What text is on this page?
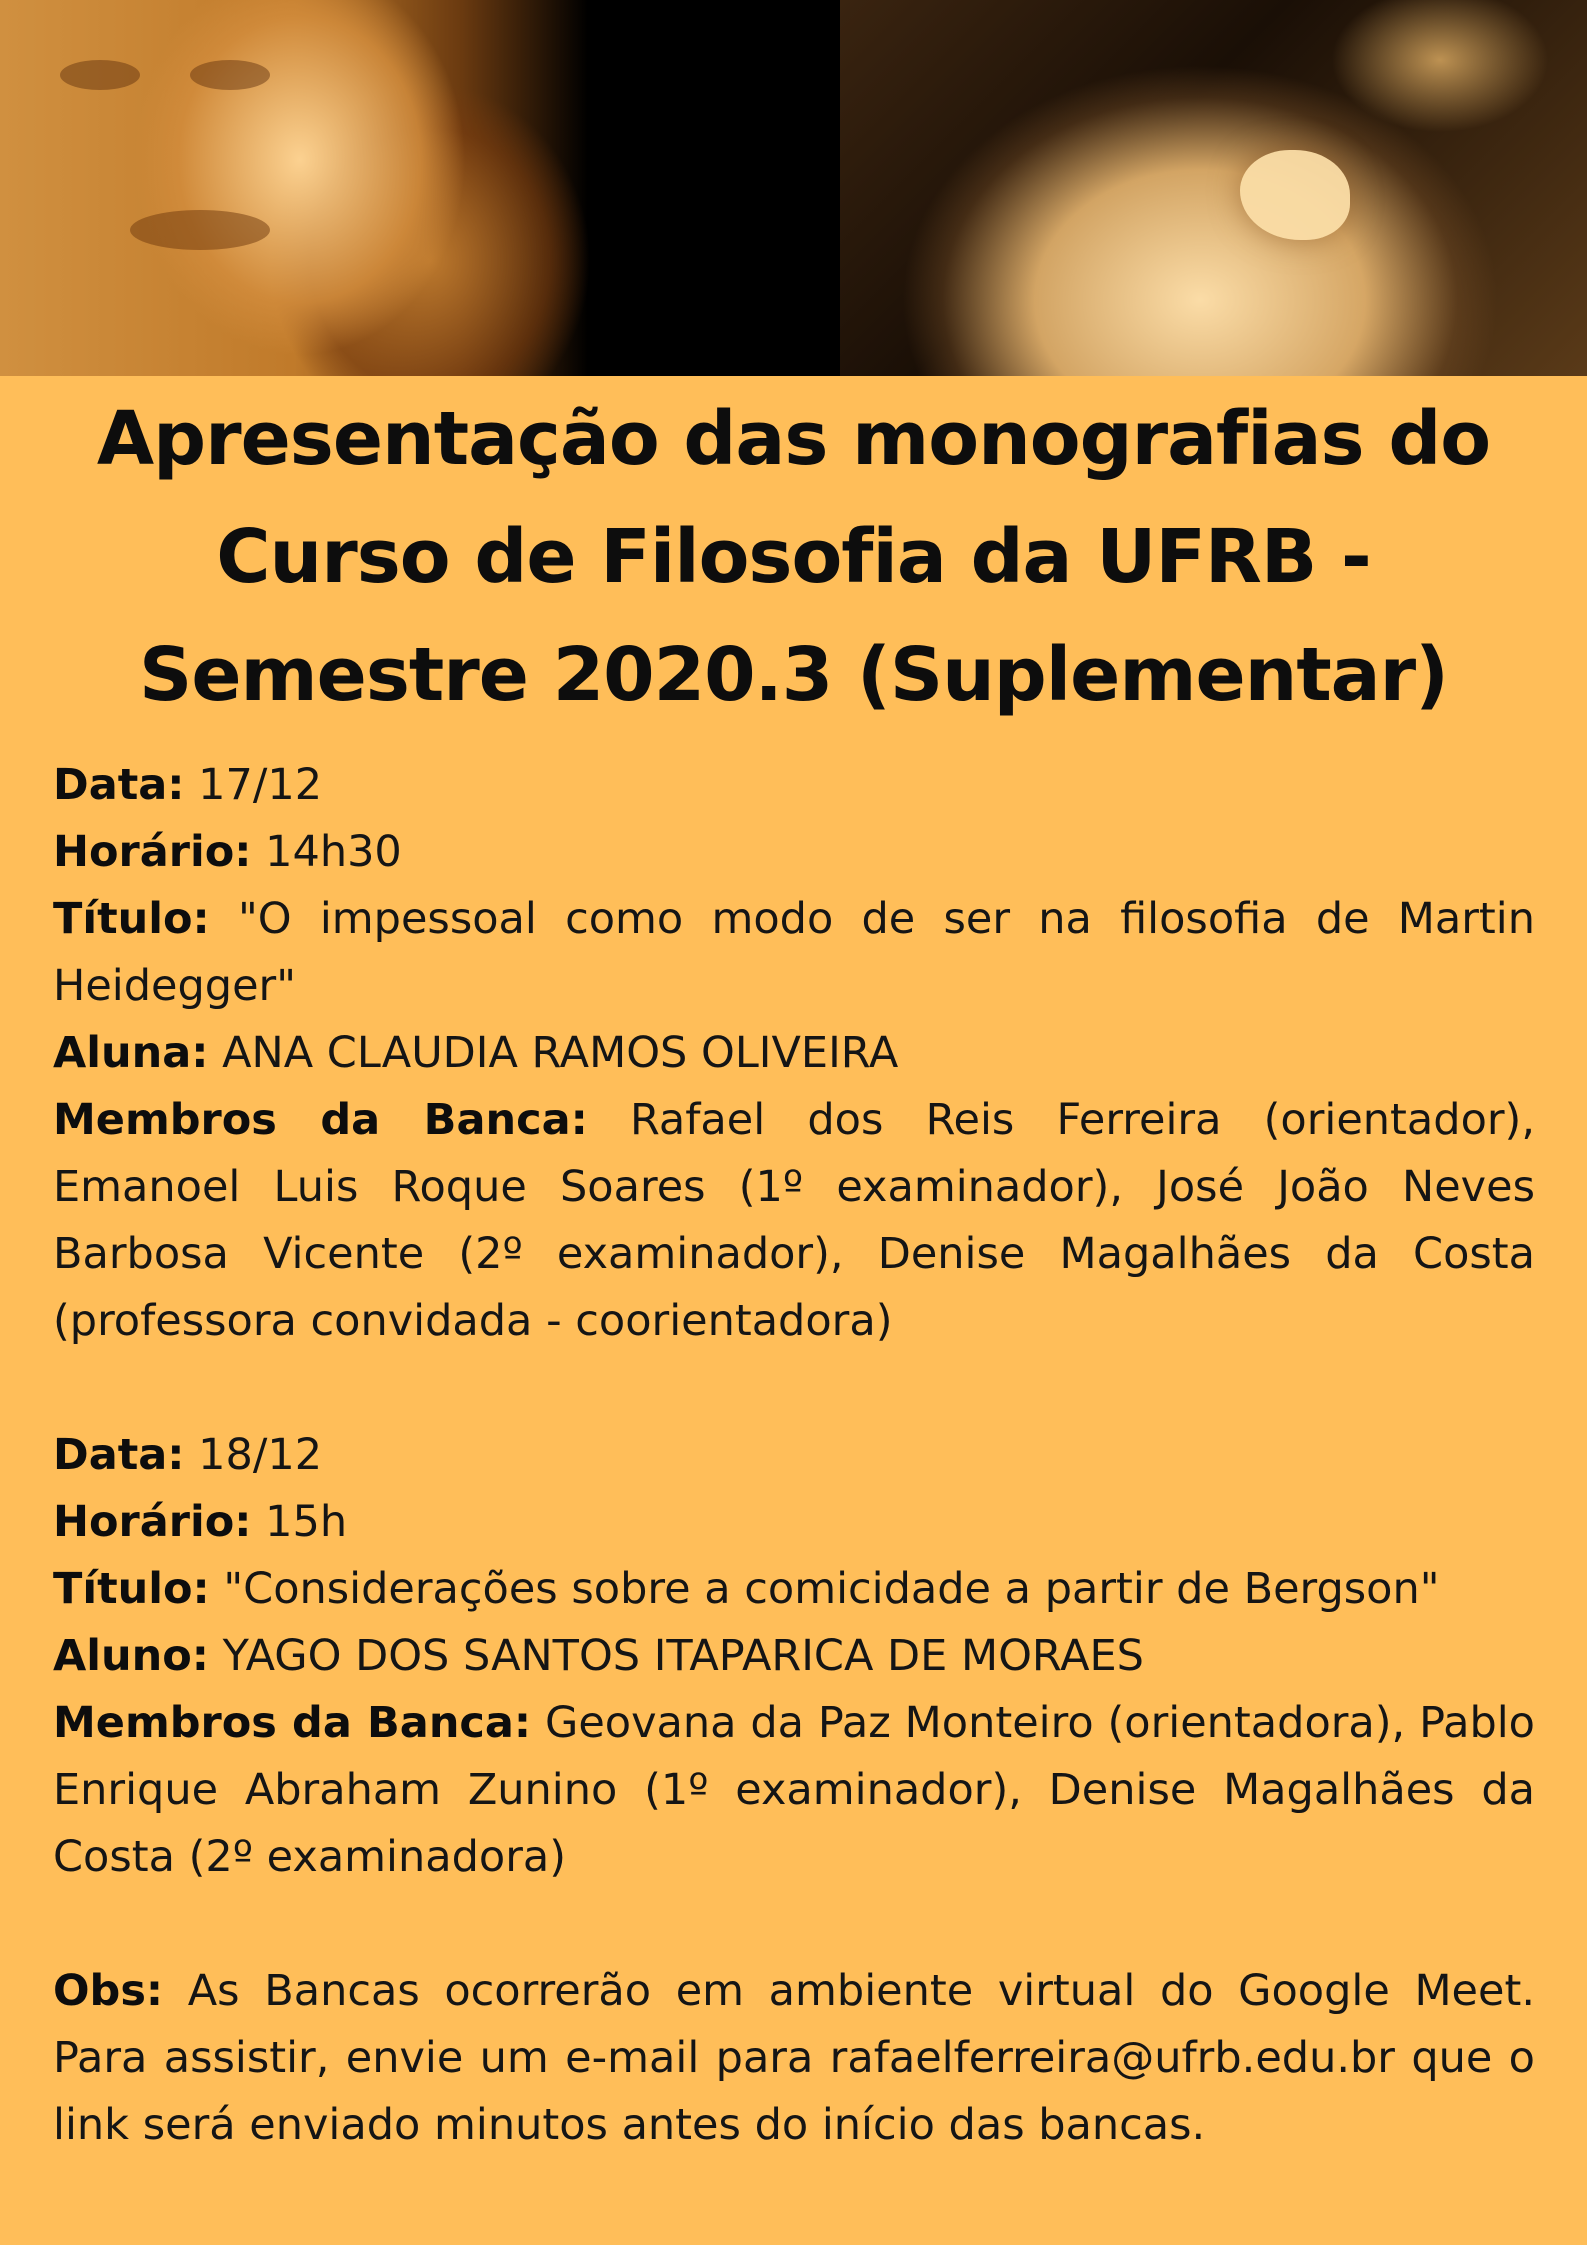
Apresentação das monografias do
Curso de Filosofia da UFRB -
Semestre 2020.3 (Suplementar)

Data: 17/12

Horário: 14h30

Título: "O impessoal como modo de ser na filosofia de Martin Heidegger"

Aluna: ANA CLAUDIA RAMOS OLIVEIRA

Membros da Banca: Rafael dos Reis Ferreira (orientador), Emanoel Luis Roque Soares (1º examinador), José João Neves Barbosa Vicente (2º examinador), Denise Magalhães da Costa (professora convidada - coorientadora)

Data: 18/12

Horário: 15h

Título: "Considerações sobre a comicidade a partir de Bergson"

Aluno: YAGO DOS SANTOS ITAPARICA DE MORAES

Membros da Banca: Geovana da Paz Monteiro (orientadora), Pablo Enrique Abraham Zunino (1º examinador), Denise Magalhães da Costa (2º examinadora)

Obs: As Bancas ocorrerão em ambiente virtual do Google Meet. Para assistir, envie um e-mail para rafaelferreira@ufrb.edu.br que o link será enviado minutos antes do início das bancas.
